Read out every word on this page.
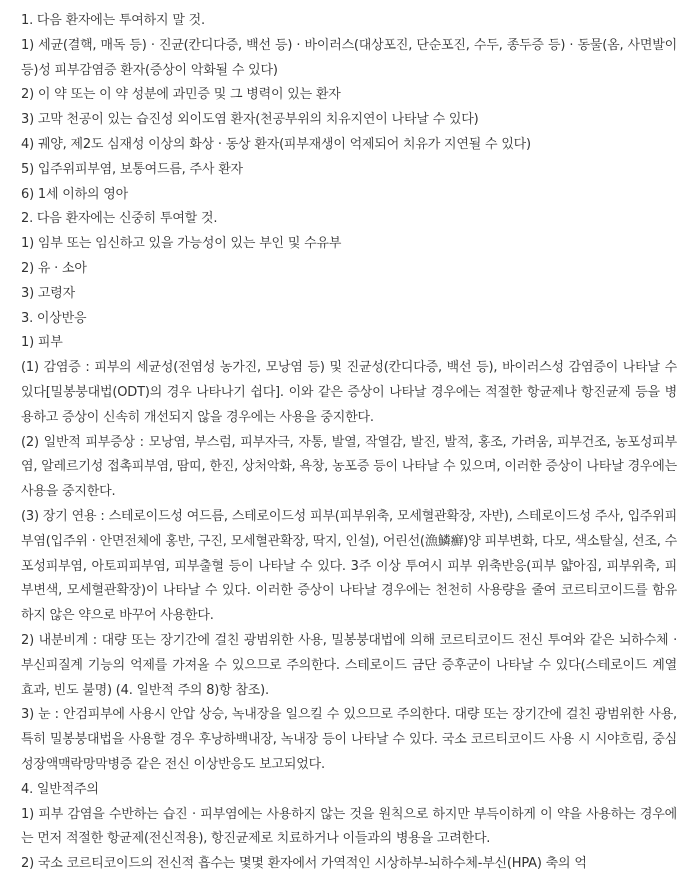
1. 다음 환자에는 투여하지 말 것.

1) 세균(결핵, 매독 등) · 진균(칸디다증, 백선 등) · 바이러스(대상포진, 단순포진, 수두, 종두증 등) · 동물(옴, 사면발이 등)성 피부감염증 환자(증상이 악화될 수 있다)

2) 이 약 또는 이 약 성분에 과민증 및 그 병력이 있는 환자

3) 고막 천공이 있는 습진성 외이도염 환자(천공부위의 치유지연이 나타날 수 있다)

4) 궤양, 제2도 심재성 이상의 화상 · 동상 환자(피부재생이 억제되어 치유가 지연될 수 있다)

5) 입주위피부염, 보통여드름, 주사 환자

6) 1세 이하의 영아

2. 다음 환자에는 신중히 투여할 것.

1) 임부 또는 임신하고 있을 가능성이 있는 부인 및 수유부

2) 유 · 소아

3) 고령자

3. 이상반응

1) 피부

(1) 감염증 : 피부의 세균성(전염성 농가진, 모낭염 등) 및 진균성(칸디다증, 백선 등), 바이러스성 감염증이 나타날 수 있다[밀봉붕대법(ODT)의 경우 나타나기 쉽다]. 이와 같은 증상이 나타날 경우에는 적절한 항균제나 항진균제 등을 병용하고 증상이 신속히 개선되지 않을 경우에는 사용을 중지한다.

(2) 일반적 피부증상 : 모낭염, 부스럼, 피부자극, 자통, 발열, 작열감, 발진, 발적, 홍조, 가려움, 피부건조, 농포성피부염, 알레르기성 접촉피부염, 땀띠, 한진, 상처악화, 욕창, 농포증 등이 나타날 수 있으며, 이러한 증상이 나타날 경우에는 사용을 중지한다.

(3) 장기 연용 : 스테로이드성 여드름, 스테로이드성 피부(피부위축, 모세혈관확장, 자반), 스테로이드성 주사, 입주위피부염(입주위 · 안면전체에 홍반, 구진, 모세혈관확장, 딱지, 인설), 어린선(漁鱗癬)양 피부변화, 다모, 색소탈실, 선조, 수포성피부염, 아토피피부염, 피부출혈 등이 나타날 수 있다. 3주 이상 투여시 피부 위축반응(피부 얇아짐, 피부위축, 피부변색, 모세혈관확장)이 나타날 수 있다. 이러한 증상이 나타날 경우에는 천천히 사용량을 줄여 코르티코이드를 함유하지 않은 약으로 바꾸어 사용한다.

2) 내분비계 : 대량 또는 장기간에 걸친 광범위한 사용, 밀봉붕대법에 의해 코르티코이드 전신 투여와 같은 뇌하수체 · 부신피질계 기능의 억제를 가져올 수 있으므로 주의한다. 스테로이드 금단 증후군이 나타날 수 있다(스테로이드 계열 효과, 빈도 불명) (4. 일반적 주의 8)항 참조).

3) 눈 : 안검피부에 사용시 안압 상승, 녹내장을 일으킬 수 있으므로 주의한다. 대량 또는 장기간에 걸친 광범위한 사용, 특히 밀봉붕대법을 사용할 경우 후낭하백내장, 녹내장 등이 나타날 수 있다. 국소 코르티코이드 사용 시 시야흐림, 중심성장액맥락망막병증 같은 전신 이상반응도 보고되었다.

4. 일반적주의

1) 피부 감염을 수반하는 습진 · 피부염에는 사용하지 않는 것을 원칙으로 하지만 부득이하게 이 약을 사용하는 경우에는 먼저 적절한 항균제(전신적용), 항진균제로 치료하거나 이들과의 병용을 고려한다.

2) 국소 코르티코이드의 전신적 흡수는 몇몇 환자에서 가역적인 시상하부-뇌하수체-부신(HPA) 축의 억
